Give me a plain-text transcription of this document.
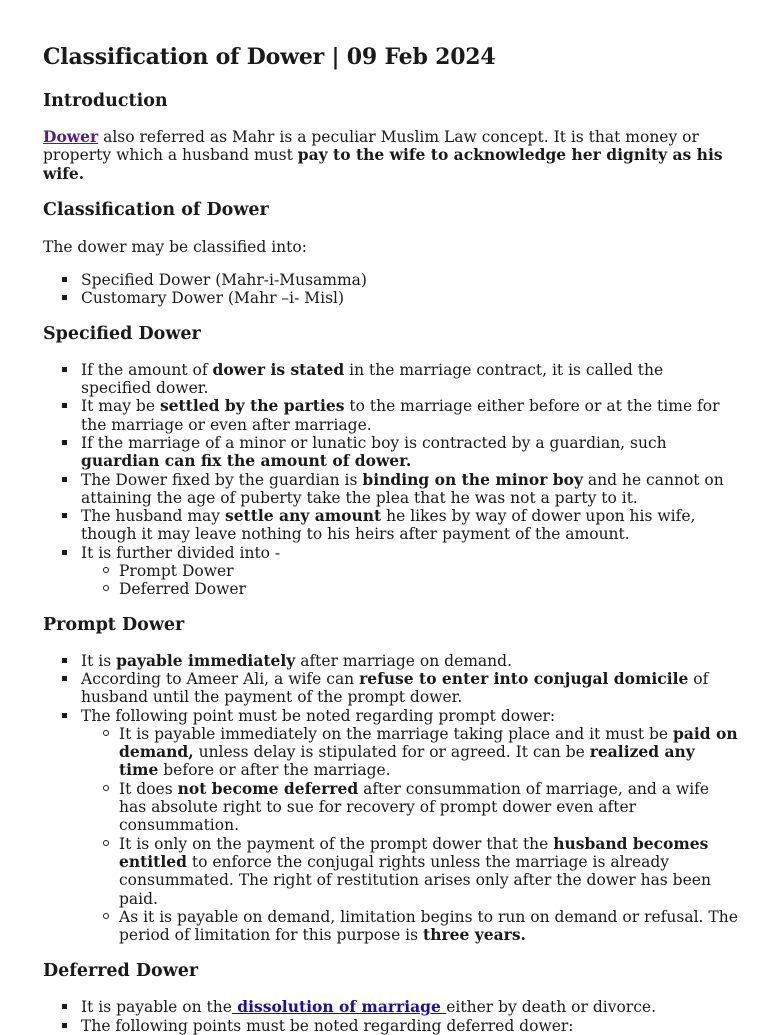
Classification of Dower | 09 Feb 2024
Introduction

Dower also referred as Mahr is a peculiar Muslim Law concept. It is that money or property which a husband must pay to the wife to acknowledge her dignity as his wife.

Classification of Dower

The dower may be classified into:

Specified Dower (Mahr-i-Musamma)
Customary Dower (Mahr –i- Misl)
Specified Dower
If the amount of dower is stated in the marriage contract, it is called the specified dower.
It may be settled by the parties to the marriage either before or at the time for the marriage or even after marriage.
If the marriage of a minor or lunatic boy is contracted by a guardian, such guardian can fix the amount of dower.
The Dower fixed by the guardian is binding on the minor boy and he cannot on attaining the age of puberty take the plea that he was not a party to it.
The husband may settle any amount he likes by way of dower upon his wife, though it may leave nothing to his heirs after payment of the amount.
It is further divided into -
Prompt Dower
Deferred Dower
Prompt Dower
It is payable immediately after marriage on demand.
According to Ameer Ali, a wife can refuse to enter into conjugal domicile of husband until the payment of the prompt dower.
The following point must be noted regarding prompt dower:
It is payable immediately on the marriage taking place and it must be paid on demand, unless delay is stipulated for or agreed. It can be realized any time before or after the marriage.
It does not become deferred after consummation of marriage, and a wife has absolute right to sue for recovery of prompt dower even after consummation.
It is only on the payment of the prompt dower that the husband becomes entitled to enforce the conjugal rights unless the marriage is already consummated. The right of restitution arises only after the dower has been paid.
As it is payable on demand, limitation begins to run on demand or refusal. The period of limitation for this purpose is three years.
Deferred Dower
It is payable on the dissolution of marriage either by death or divorce.
The following points must be noted regarding deferred dower:
